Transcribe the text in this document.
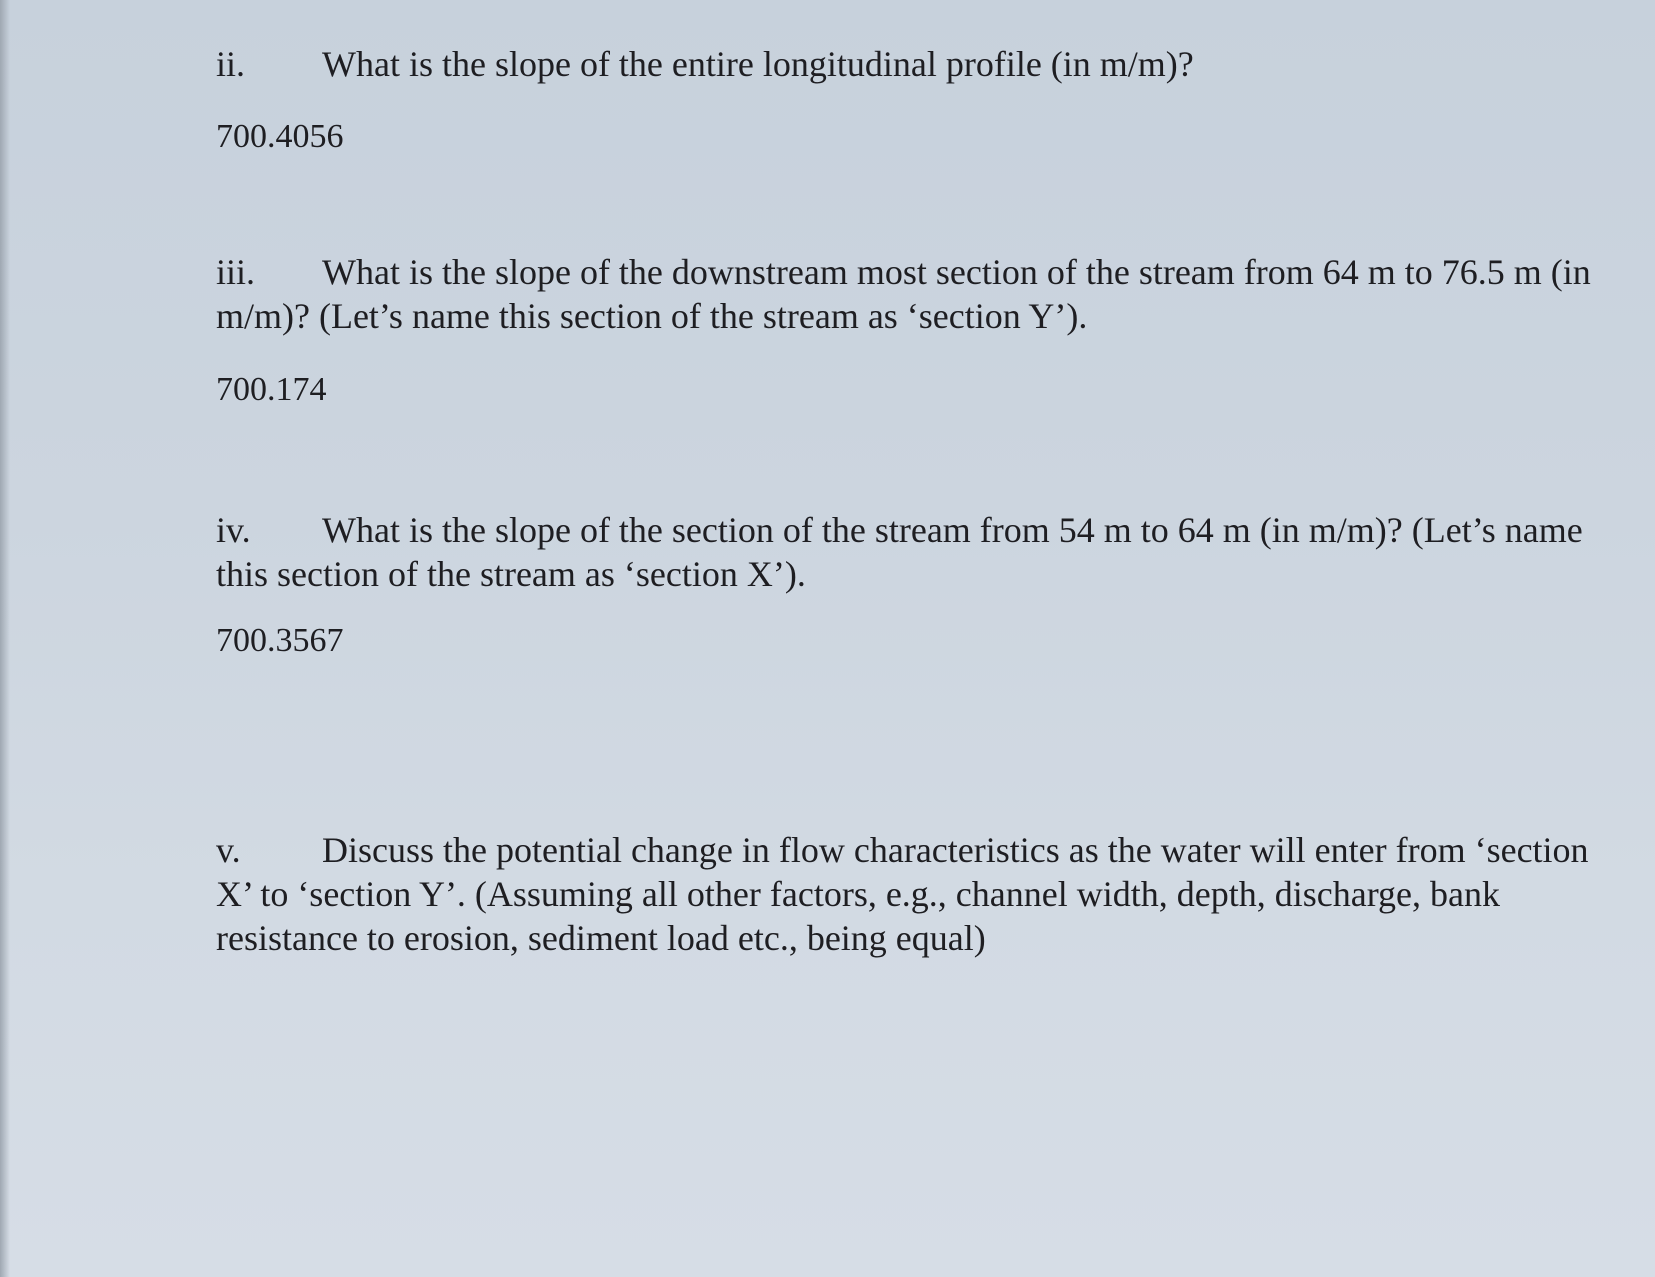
ii. What is the slope of the entire longitudinal profile (in m/m)?
700.4056
iii. What is the slope of the downstream most section of the stream from 64 m to 76.5 m (in m/m)? (Let’s name this section of the stream as ‘section Y’).
700.174
iv. What is the slope of the section of the stream from 54 m to 64 m (in m/m)? (Let’s name this section of the stream as ‘section X’).
700.3567
v. Discuss the potential change in flow characteristics as the water will enter from ‘section X’ to ‘section Y’. (Assuming all other factors, e.g., channel width, depth, discharge, bank resistance to erosion, sediment load etc., being equal)
